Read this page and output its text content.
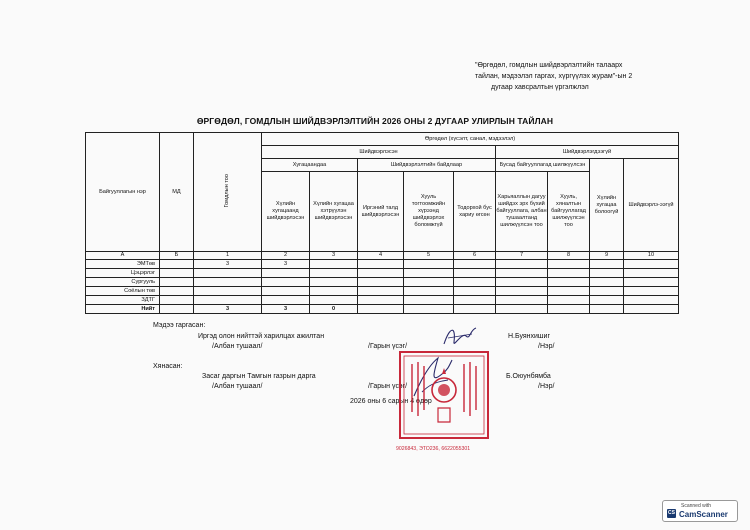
"Өргөдөл, гомдлын шийдвэрлэлтийн талаарх
тайлан, мэдээлэл гаргах, хүргүүлэх журам"-ын 2
дугаар хавсралтын үргэлжлэл
ӨРГӨДӨЛ, ГОМДЛЫН ШИЙДВЭРЛЭЛТИЙН 2026 ОНЫ 2 ДУГААР УЛИРЛЫН ТАЙЛАН
Байгууллагын нэр	МД	Гомдлын тоо	Өргөдөл (хүсэлт, санал, мэдээлэл)								
			Шийдвэрлэсэн					Шийдвэрлэгдээгүй			
			Хугацаандаа		Шийдвэрлэлтийн байдлаар			Бусад байгууллагад шилжүүлсэн		Хүлийн хугацаа болоогүй	Шийдвэрлэ-ээгүй
			Хүлийн хугацаанд шийдвэрлэсэн	Хүлийн хугацаа хэтрүүлэн шийдвэрлэсэн	Иргэний талд шийдвэрлэсэн	Хууль тогтоомжийн хүрээнд шийдвэрлэх боломжгүй	Тодорхой бус хариу өгсөн	Харьяаллын дагуу шийдэх эрх бүхий байгууллага, албан тушаалтанд шилжүүлсэн тоо	Хууль, хяналтын байгууллагад шилжүүлсэн тоо		
А	Б	1	2	3	4	5	6	7	8	9	10
ЭМТөв		3	3								
Цэцэрлэг											
Сургууль											
Соёлын төв											
ЗДТГ											
Нийт		3	3	0							
Мэдээ гаргасан:
Иргэд олон нийттэй харилцах ажилтан
/Албан тушаал/	/Гарын үсэг/
Н.Буянхишиг
/Нэр/
Хянасан:
Засаг даргын Тамгын газрын дарга
/Албан тушаал/	/Гарын үсэг/
Б.Оюунбямба
/Нэр/
2026 оны 6 сарын 4 өдөр
9026843, ЭТО236, 6622055301
CS
Scanned with
CamScanner
